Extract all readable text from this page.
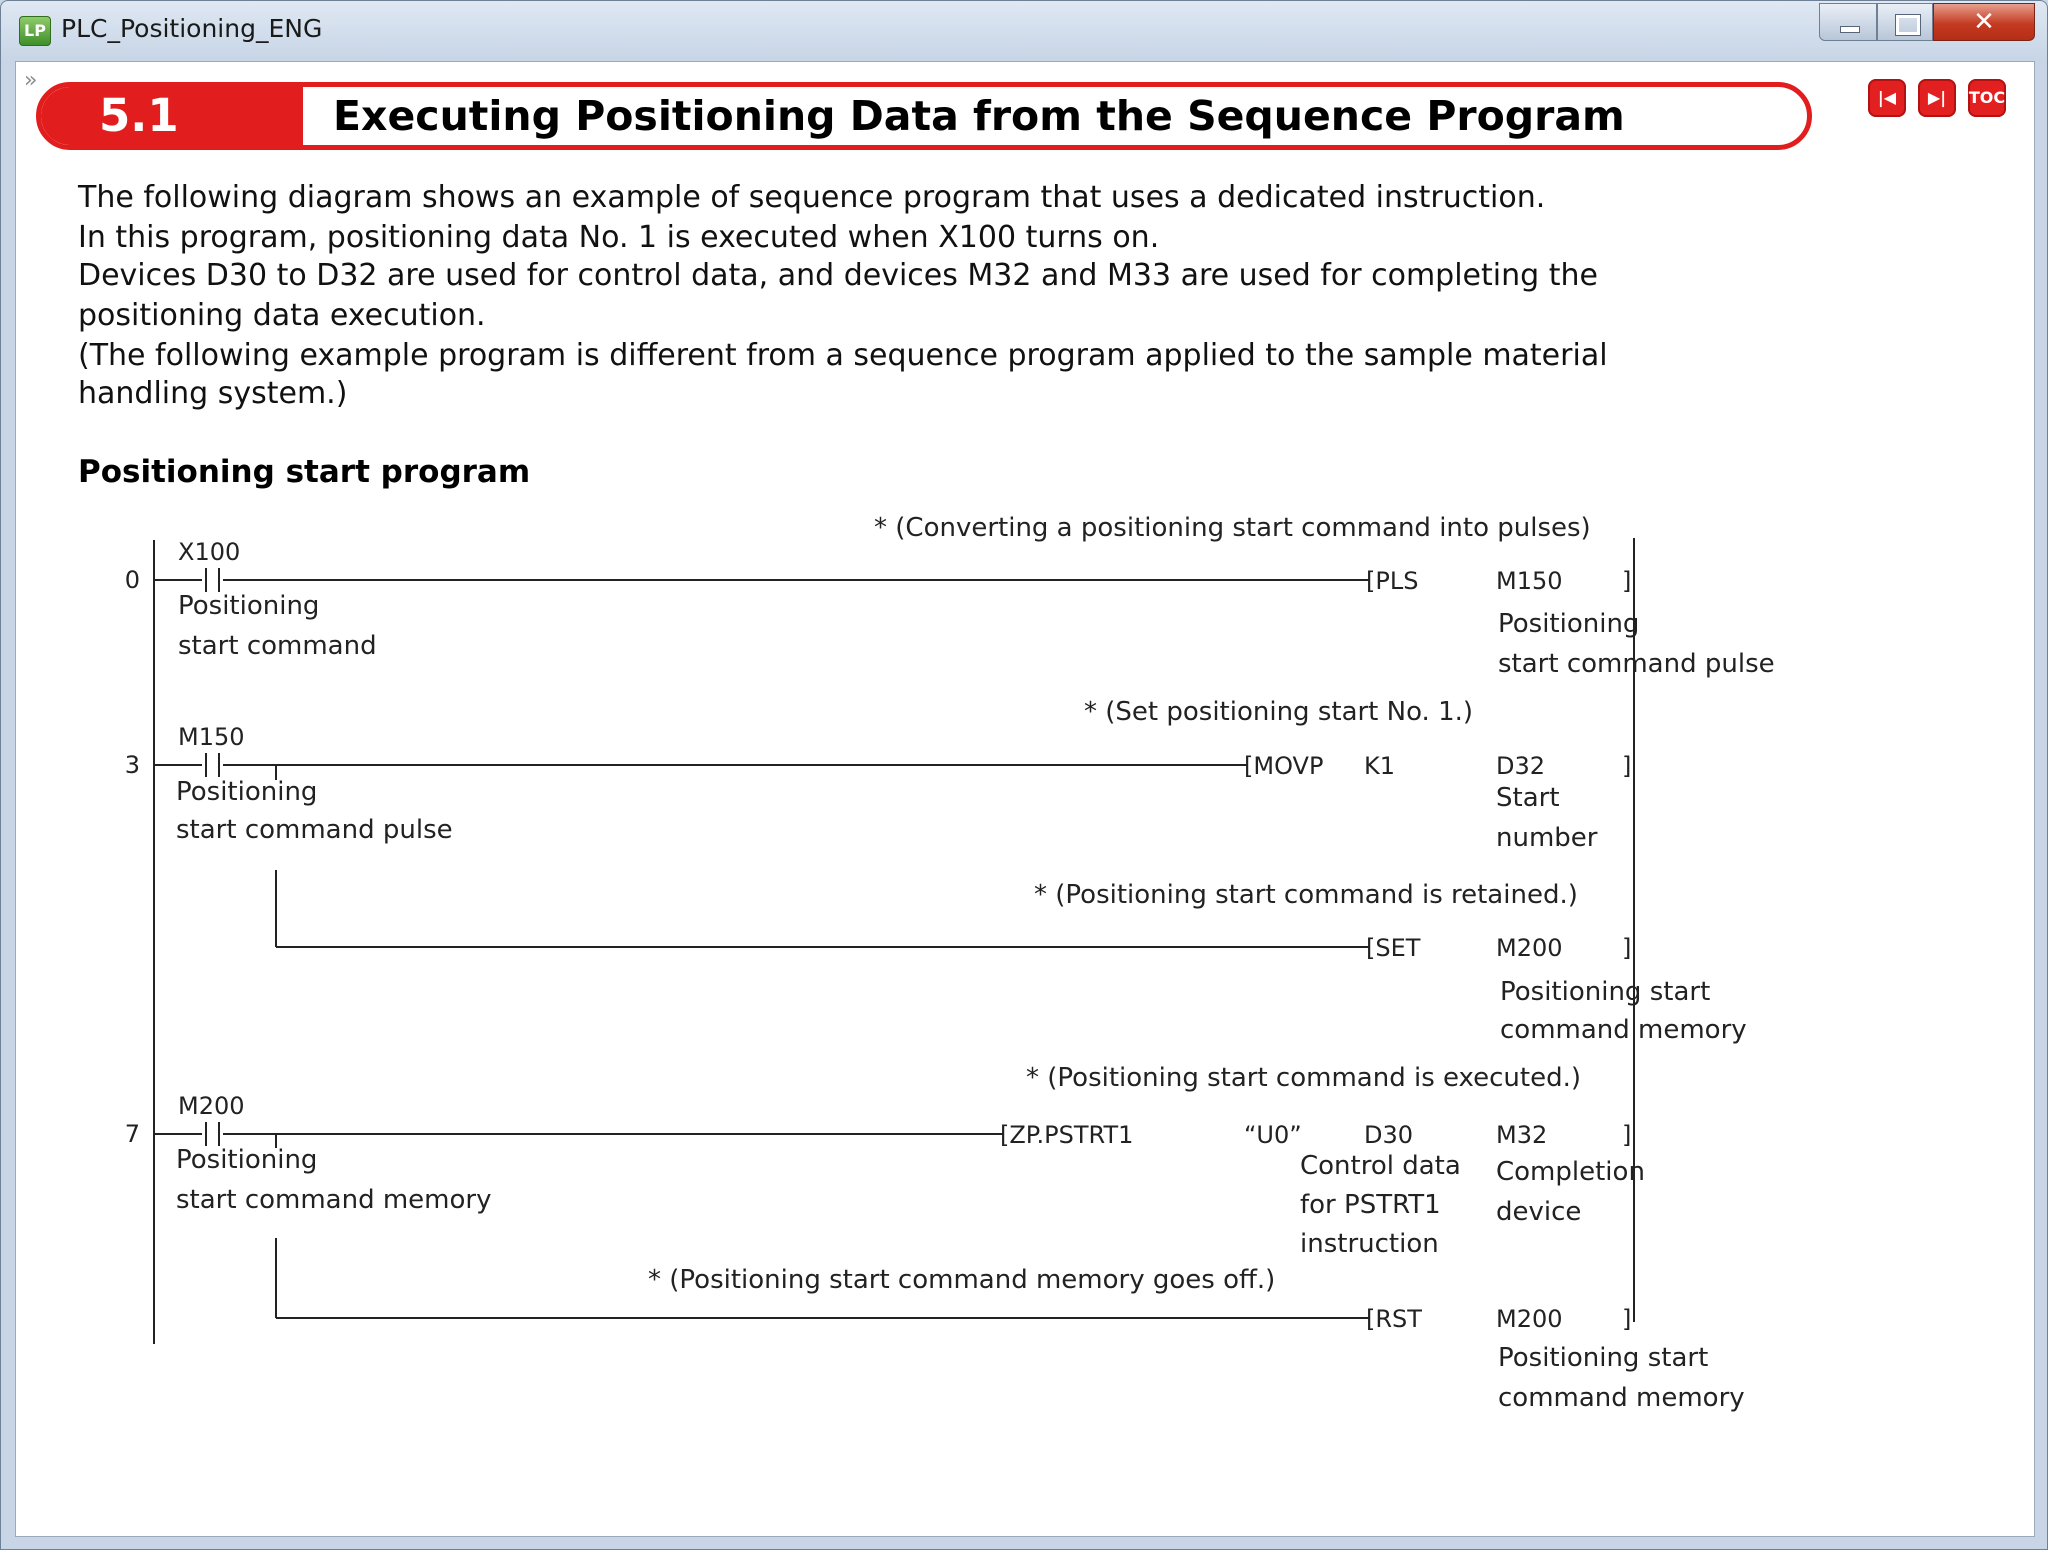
LP PLC_Positioning_ENG	✕
»
5.1	Executing Positioning Data from the Sequence Program	|◀	▶|	TOC
The following diagram shows an example of sequence program that uses a dedicated instruction.
In this program, positioning data No. 1 is executed when X100 turns on.
Devices D30 to D32 are used for control data, and devices M32 and M33 are used for completing the
positioning data execution.
(The following example program is different from a sequence program applied to the sample material
handling system.)
Positioning start program
0
X100
Positioning
start command
* (Converting a positioning start command into pulses)
[PLS	M150 ]
Positioning
start command pulse
3
M150
Positioning
start command pulse
* (Set positioning start No. 1.)
[MOVP K1	D32	]
Start
number
* (Positioning start command is retained.)
[SET	M200 ]
Positioning start
command memory
7
M200
Positioning
start command memory
* (Positioning start command is executed.)
[ZP.PSTRT1	“U0”	D30	M32	]
Control data
for PSTRT1
instruction
Completion
device
* (Positioning start command memory goes off.)
[RST	M200 ]
Positioning start
command memory
